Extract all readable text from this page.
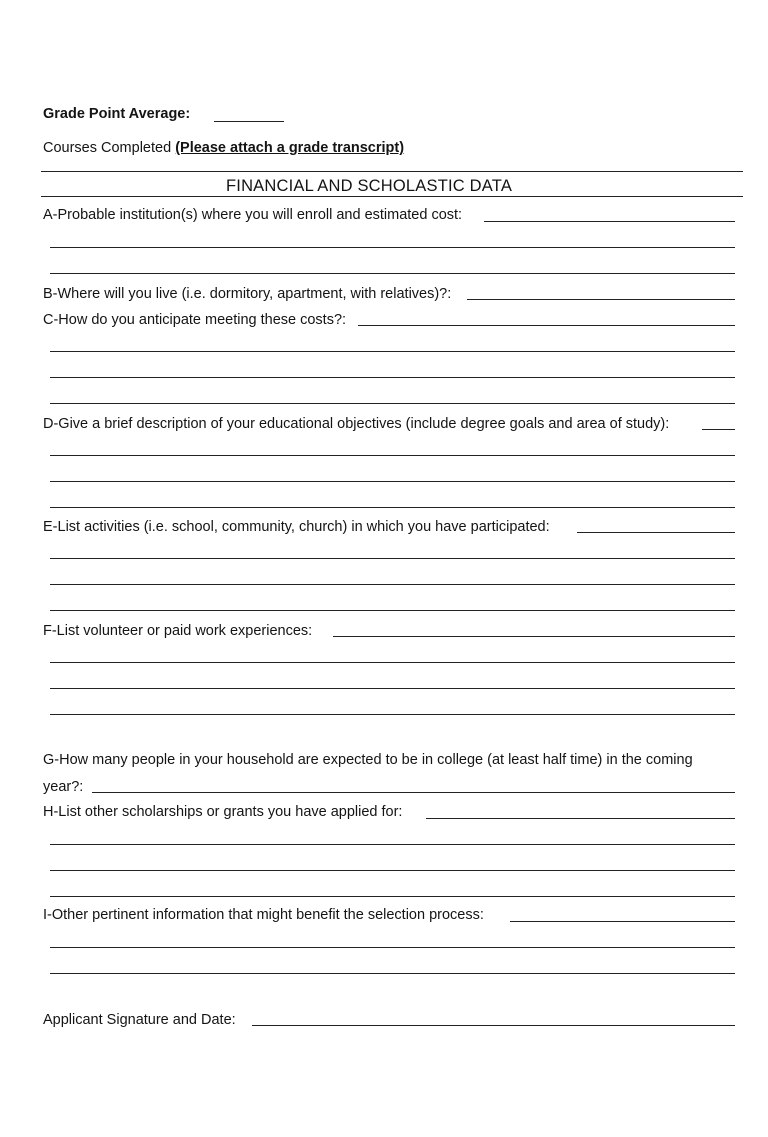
Grade Point Average:
Courses Completed (Please attach a grade transcript)
FINANCIAL AND SCHOLASTIC DATA
A-Probable institution(s) where you will enroll and estimated cost:
B-Where will you live (i.e. dormitory, apartment, with relatives)?:
C-How do you anticipate meeting these costs?:
D-Give a brief description of your educational objectives (include degree goals and area of study):
E-List activities (i.e. school, community, church) in which you have participated:
F-List volunteer or paid work experiences:
G-How many people in your household are expected to be in college (at least half time) in the coming
year?:
H-List other scholarships or grants you have applied for:
I-Other pertinent information that might benefit the selection process:
Applicant Signature and Date:
